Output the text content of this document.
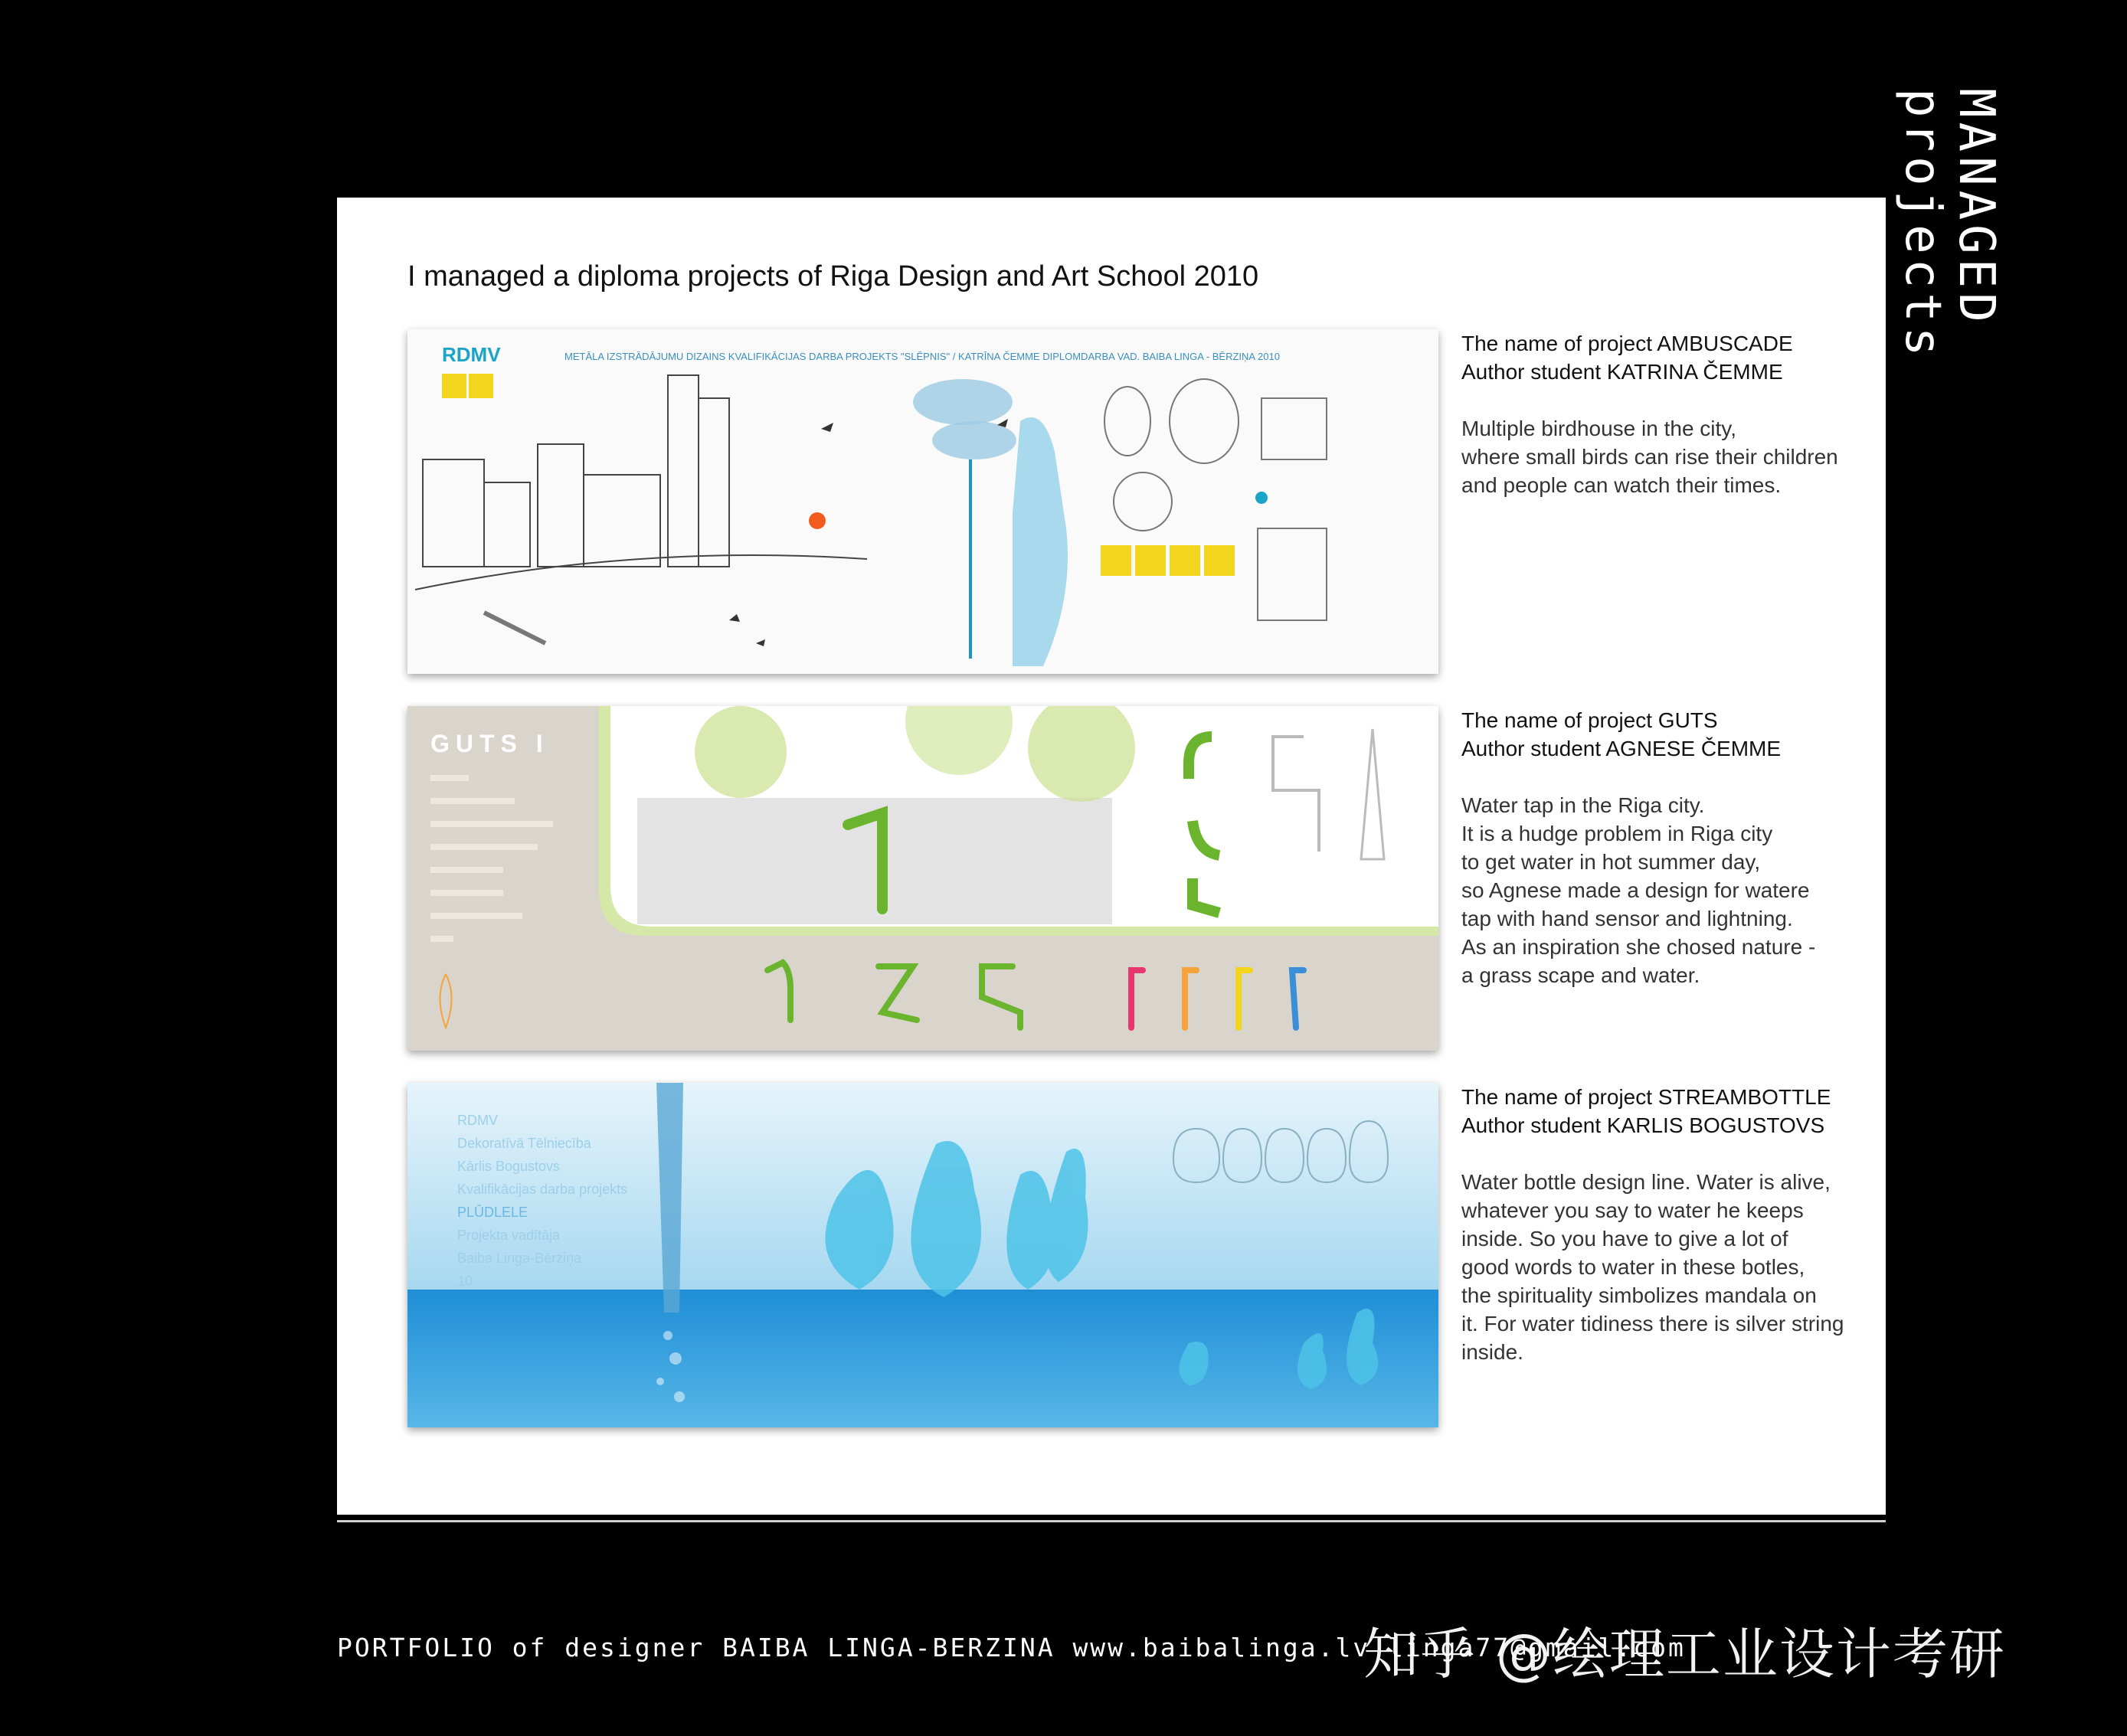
MANAGED projects
I managed a diploma projects of Riga Design and Art School 2010
RDMV	METĀLA IZSTRĀDĀJUMU DIZAINS KVALIFIKĀCIJAS DARBA PROJEKTS "SLĒPNIS" / KATRĪNA ČEMME DIPLOMDARBA VAD. BAIBA LINGA - BĒRZIŅA 2010
The name of project AMBUSCADE
Author student KATRINA ČEMME
Multiple birdhouse in the city,
where small birds can rise their children
and people can watch their times.
GUTS I
The name of project GUTS
Author student AGNESE ČEMME
Water tap in the Riga city.
It is a hudge problem in Riga city
to get water in hot summer day,
so Agnese made a design for watere
tap with hand sensor and lightning.
As an inspiration she chosed nature -
a grass scape and water.
RDMV
Dekoratīvā Tēlniecība
Kārlis Bogustovs
Kvalifikācijas darba projekts
PLŪDLELE
Projekta vadītāja
Baiba Linga-Bērziņa
10
The name of project STREAMBOTTLE
Author student KARLIS BOGUSTOVS
Water bottle design line. Water is alive,
whatever you say to water he keeps
inside. So you have to give a lot of
good words to water in these botles,
the spirituality simbolizes mandala on
it. For water tidiness there is silver string
inside.
PORTFOLIO of designer BAIBA LINGA-BERZINA www.baibalinga.lv linga77@gmail.com
知乎 @绘理工业设计考研
